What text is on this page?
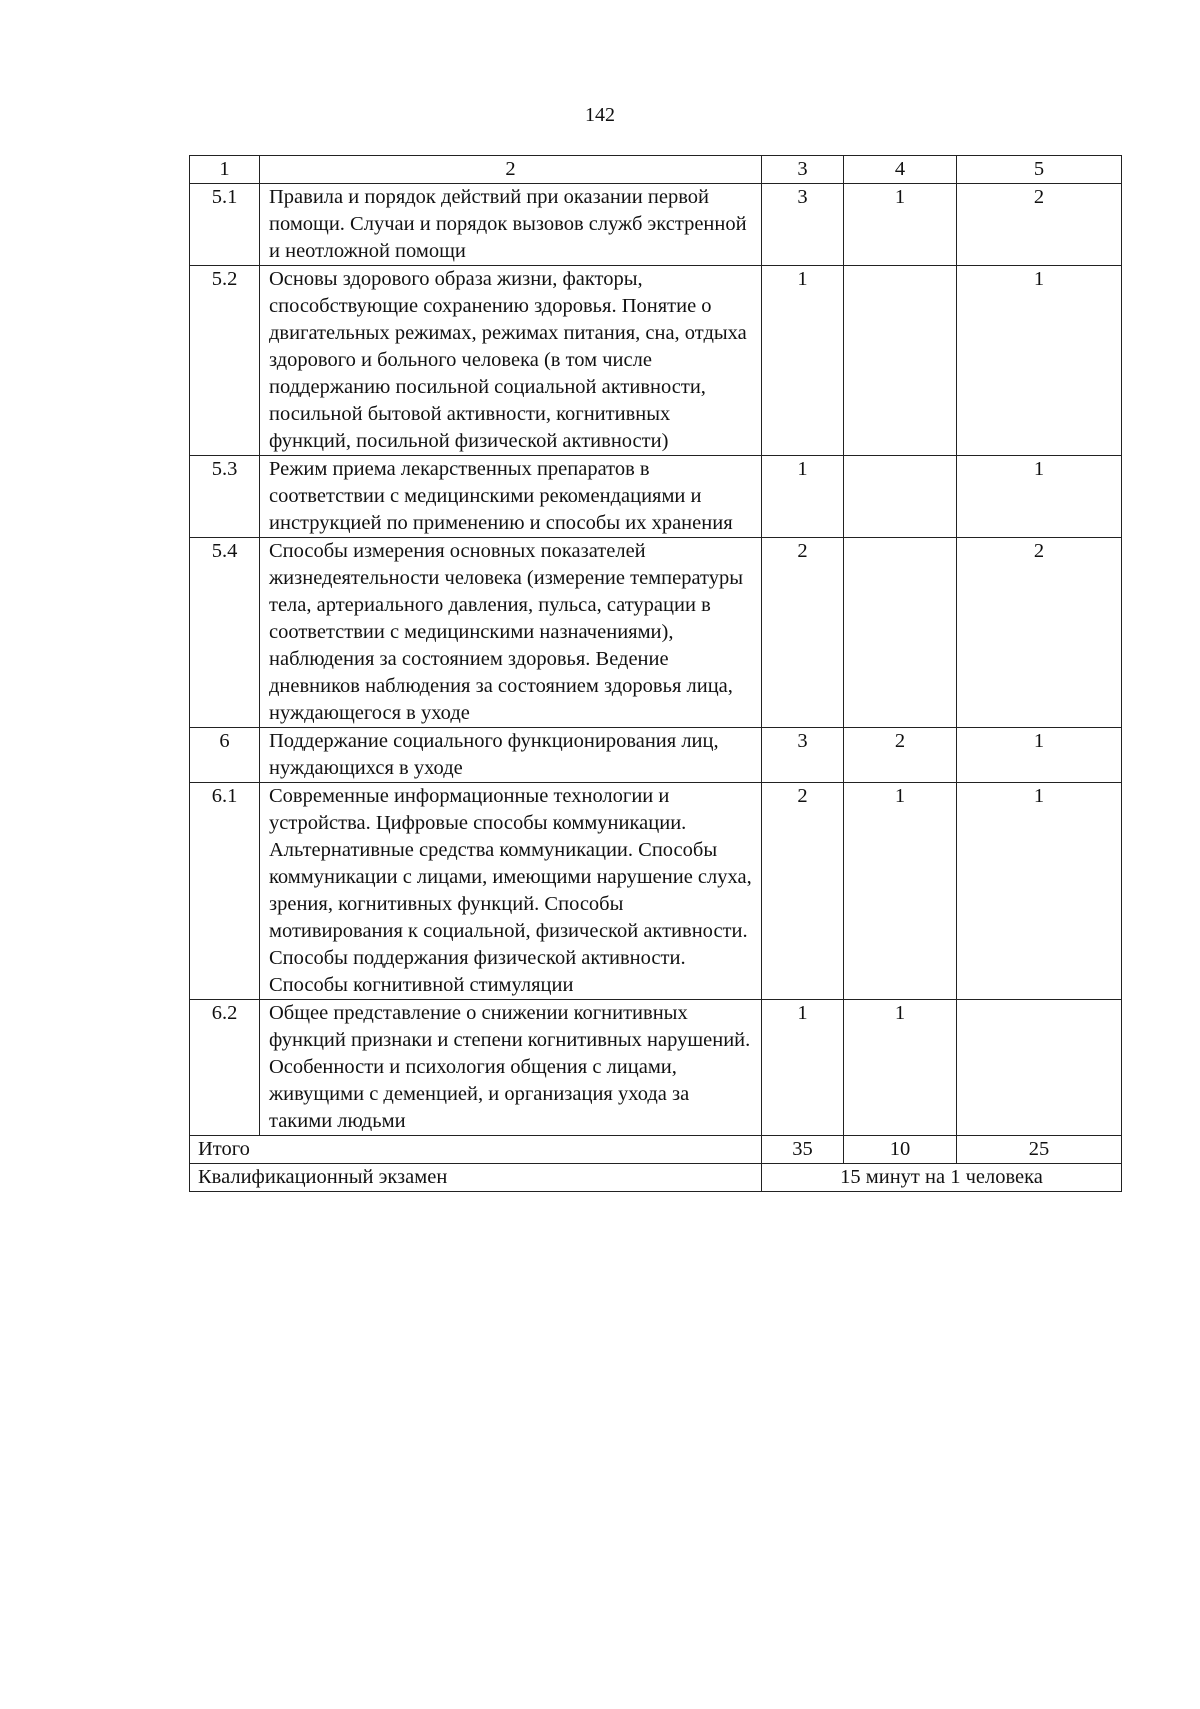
142
1	2	3	4	5
5.1	Правила и порядок действий при оказании первой помощи. Случаи и порядок вызовов служб экстренной и неотложной помощи	3	1	2
5.2	Основы здорового образа жизни, факторы, способствующие сохранению здоровья. Понятие о двигательных режимах, режимах питания, сна, отдыха здорового и больного человека (в том числе поддержанию посильной социальной активности, посильной бытовой активности, когнитивных функций, посильной физической активности)	1		1
5.3	Режим приема лекарственных препаратов в соответствии с медицинскими рекомендациями и инструкцией по применению и способы их хранения	1		1
5.4	Способы измерения основных показателей жизнедеятельности человека (измерение температуры тела, артериального давления, пульса, сатурации в соответствии с медицинскими назначениями), наблюдения за состоянием здоровья. Ведение дневников наблюдения за состоянием здоровья лица, нуждающегося в уходе	2		2
6	Поддержание социального функционирования лиц, нуждающихся в уходе	3	2	1
6.1	Современные информационные технологии и устройства. Цифровые способы коммуникации. Альтернативные средства коммуникации. Способы коммуникации с лицами, имеющими нарушение слуха, зрения, когнитивных функций. Способы мотивирования к социальной, физической активности. Способы поддержания физической активности. Способы когнитивной стимуляции	2	1	1
6.2	Общее представление о снижении когнитивных функций признаки и степени когнитивных нарушений. Особенности и психология общения с лицами, живущими с деменцией, и организация ухода за такими людьми	1	1	
Итого		35	10	25
Квалификационный экзамен		15 минут на 1 человека		
